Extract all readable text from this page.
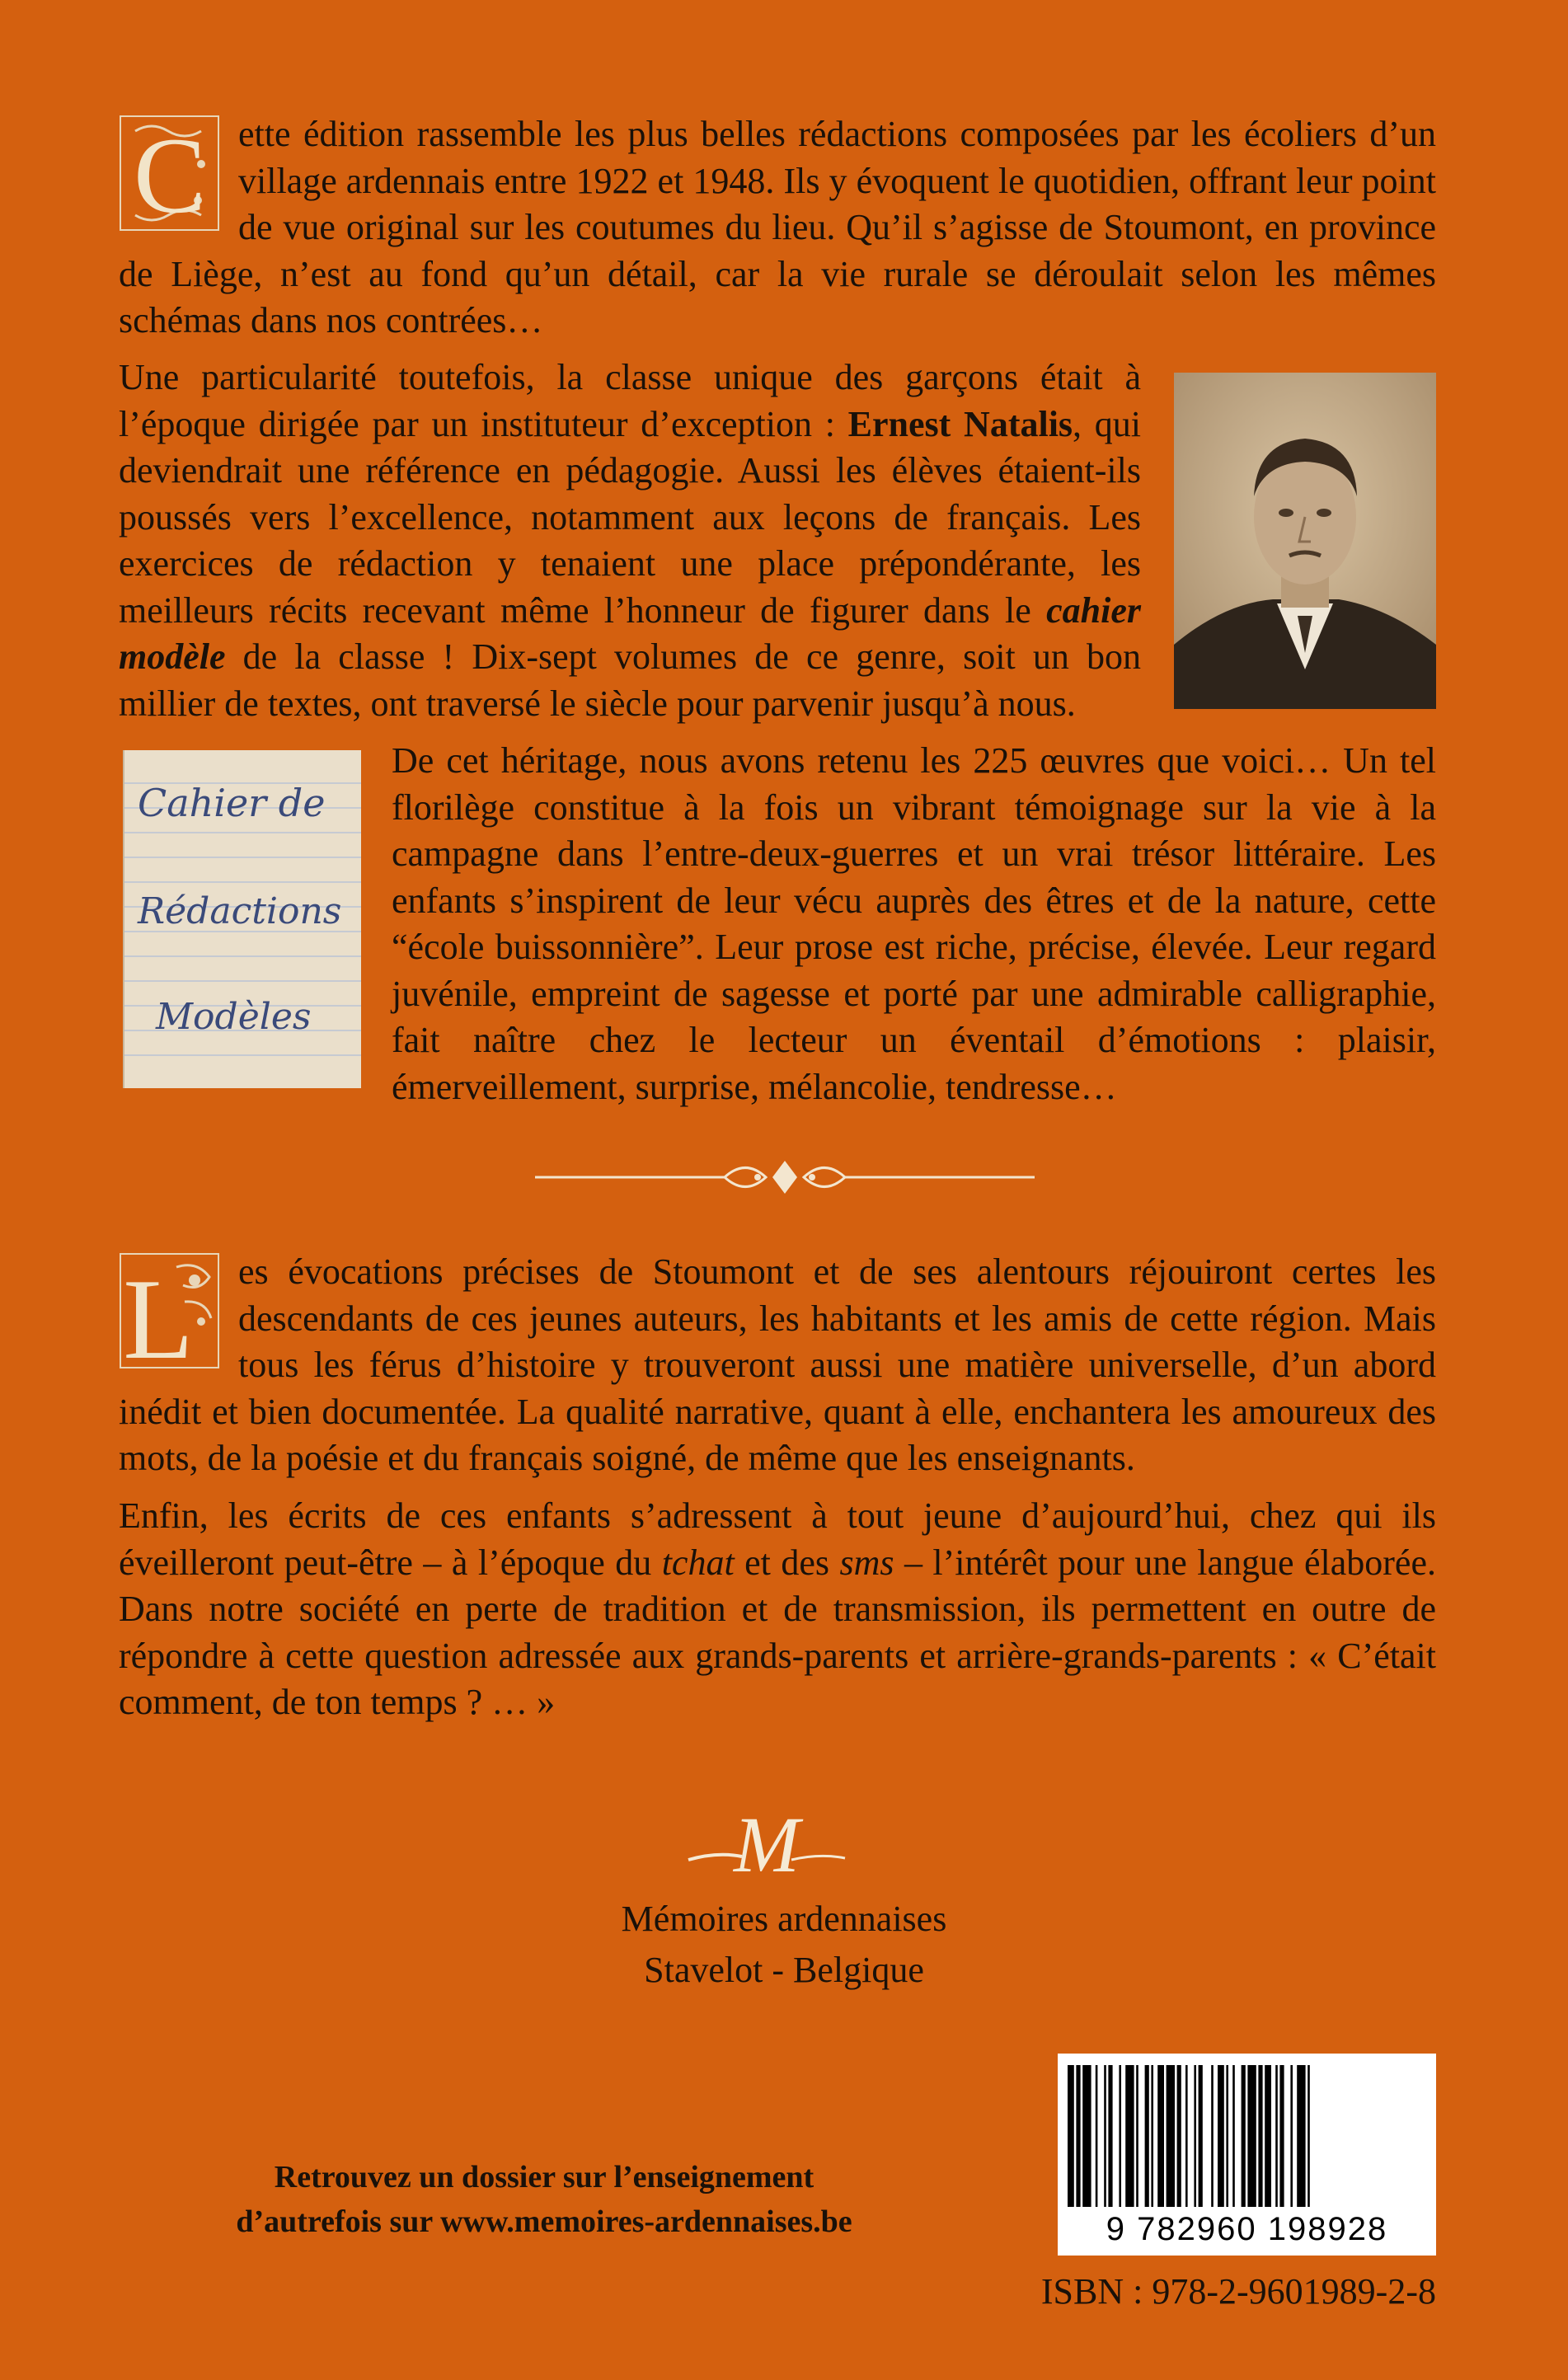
C ette édition rassemble les plus belles rédactions composées par les écoliers d’un village ardennais entre 1922 et 1948. Ils y évoquent le quotidien, offrant leur point de vue original sur les coutumes du lieu. Qu’il s’agisse de Stoumont, en province de Liège, n’est au fond qu’un détail, car la vie rurale se déroulait selon les mêmes schémas dans nos contrées…

Une particularité toutefois, la classe unique des garçons était à l’époque dirigée par un instituteur d’exception : Ernest Natalis, qui deviendrait une référence en pédagogie. Aussi les élèves étaient-ils poussés vers l’excellence, notamment aux leçons de français. Les exercices de rédaction y tenaient une place prépondérante, les meilleurs récits recevant même l’honneur de figurer dans le cahier modèle de la classe ! Dix-sept volumes de ce genre, soit un bon millier de textes, ont traversé le siècle pour parvenir jusqu’à nous.

Cahier de
Rédactions
Modèles

De cet héritage, nous avons retenu les 225 œuvres que voici… Un tel florilège constitue à la fois un vibrant témoignage sur la vie à la campagne dans l’entre-deux-guerres et un vrai trésor littéraire. Les enfants s’inspirent de leur vécu auprès des êtres et de la nature, cette “école buissonnière”. Leur prose est riche, précise, élevée. Leur regard juvénile, empreint de sagesse et porté par une admirable calligraphie, fait naître chez le lecteur un éventail d’émotions : plaisir, émerveillement, surprise, mélancolie, tendresse…

L es évocations précises de Stoumont et de ses alentours réjouiront certes les descendants de ces jeunes auteurs, les habitants et les amis de cette région. Mais tous les férus d’histoire y trouveront aussi une matière universelle, d’un abord inédit et bien documentée. La qualité narrative, quant à elle, enchantera les amoureux des mots, de la poésie et du français soigné, de même que les enseignants.

Enfin, les écrits de ces enfants s’adressent à tout jeune d’aujourd’hui, chez qui ils éveilleront peut-être – à l’époque du tchat et des sms – l’intérêt pour une langue élaborée. Dans notre société en perte de tradition et de transmission, ils permettent en outre de répondre à cette question adressée aux grands-parents et arrière-grands-parents : « C’était comment, de ton temps ? … »

M

Mémoires ardennaises

Stavelot - Belgique

Retrouvez un dossier sur l’enseignement

d’autrefois sur www.memoires-ardennaises.be	9 782960 198928

ISBN : 978-2-9601989-2-8
